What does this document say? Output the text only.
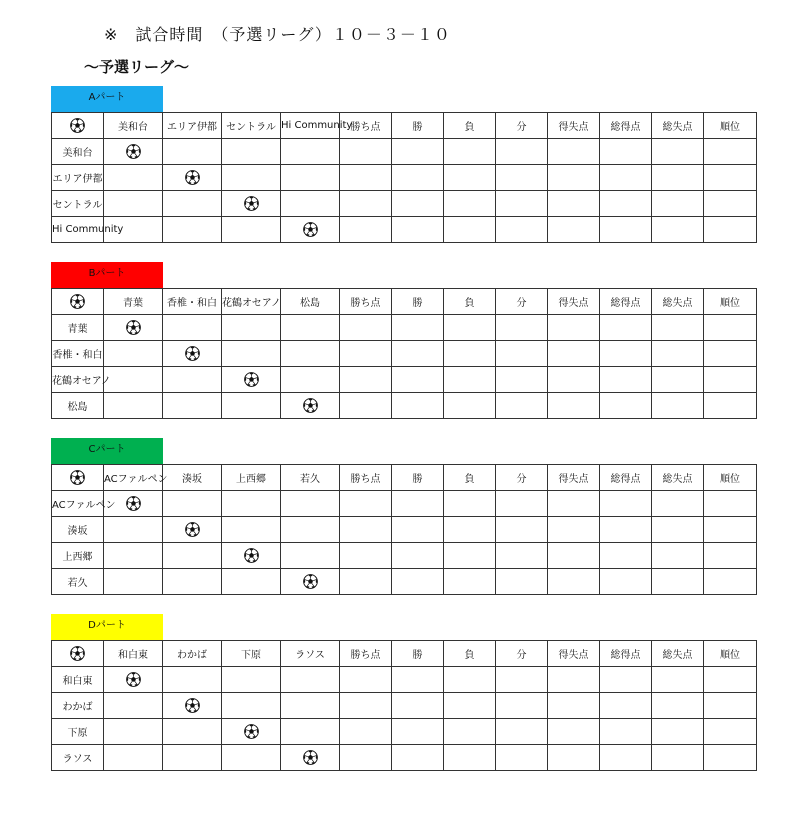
※　試合時間　（予選リーグ）１０－３－１０
～予選リーグ～
Aパート
	美和台	エリア伊都	セントラル	Hi Community	勝ち点	勝	負	分	得失点	総得点	総失点	順位
美和台												
エリア伊都												
セントラル												
Hi Community												
Bパート
	青葉	香椎・和白	花鶴オセアノ	松島	勝ち点	勝	負	分	得失点	総得点	総失点	順位
青葉												
香椎・和白												
花鶴オセアノ												
松島												
Cパート
	ACファルペン	湊坂	上西郷	若久	勝ち点	勝	負	分	得失点	総得点	総失点	順位
ACファルペン												
湊坂												
上西郷												
若久												
Dパート
	和白東	わかば	下原	ラソス	勝ち点	勝	負	分	得失点	総得点	総失点	順位
和白東												
わかば												
下原												
ラソス												
